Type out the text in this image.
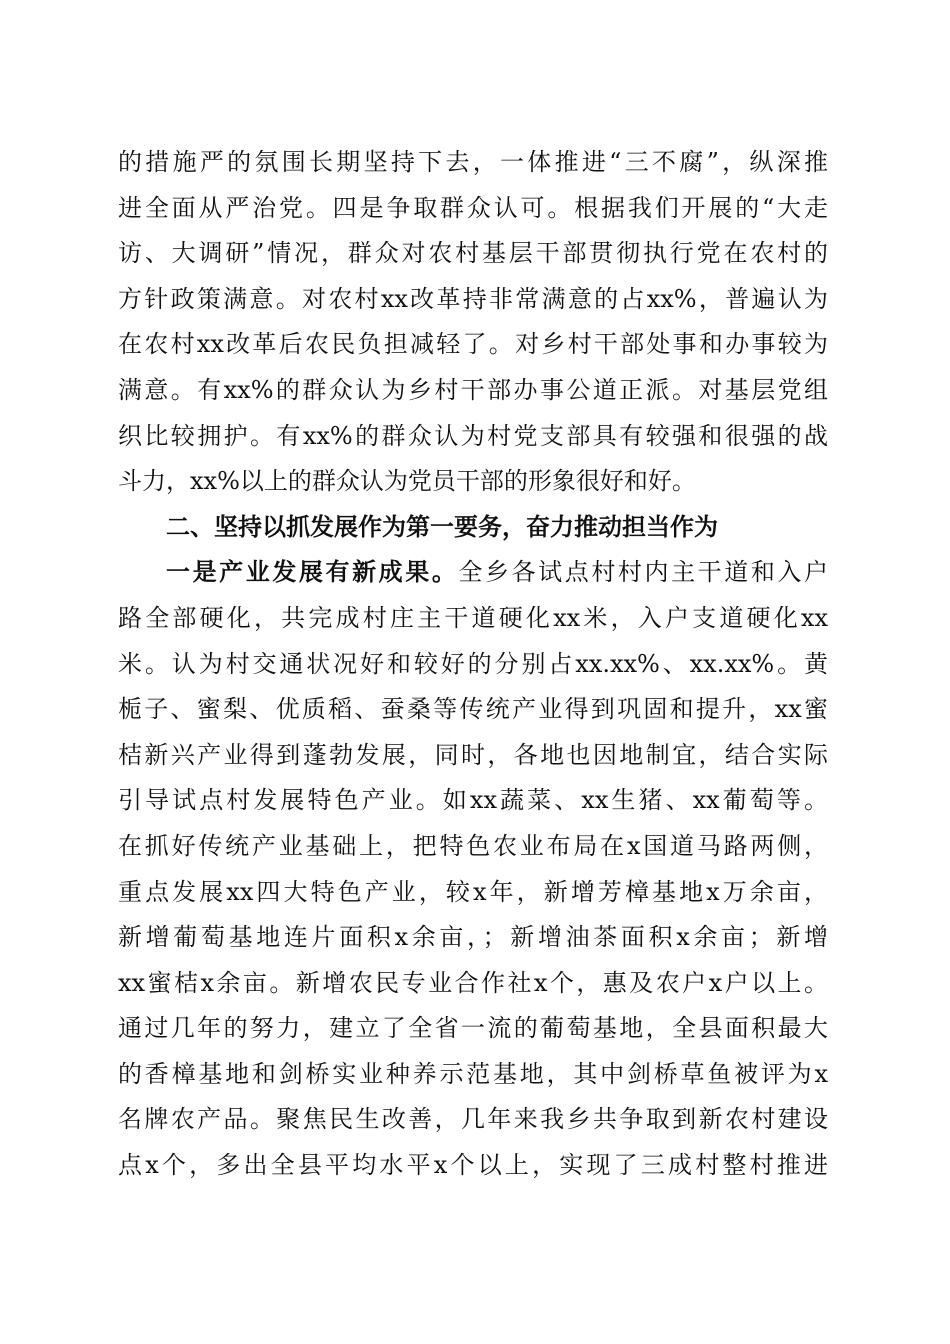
的措施严的氛围长期坚持下去，一体推进“三不腐”，纵深推
进全面从严治党。四是争取群众认可。根据我们开展的“大走
访、大调研”情况，群众对农村基层干部贯彻执行党在农村的
方针政策满意。对农村xx改革持非常满意的占xx%，普遍认为
在农村xx改革后农民负担减轻了。对乡村干部处事和办事较为
满意。有xx%的群众认为乡村干部办事公道正派。对基层党组
织比较拥护。有xx%的群众认为村党支部具有较强和很强的战
斗力，xx%以上的群众认为党员干部的形象很好和好。
二、坚持以抓发展作为第一要务，奋力推动担当作为
一是产业发展有新成果。全乡各试点村村内主干道和入户
路全部硬化，共完成村庄主干道硬化xx米，入户支道硬化xx
米。认为村交通状况好和较好的分别占xx.xx%、xx.xx%。黄
栀子、蜜梨、优质稻、蚕桑等传统产业得到巩固和提升，xx蜜
桔新兴产业得到蓬勃发展，同时，各地也因地制宜，结合实际
引导试点村发展特色产业。如xx蔬菜、xx生猪、xx葡萄等。
在抓好传统产业基础上，把特色农业布局在x国道马路两侧，
重点发展xx四大特色产业，较x年，新增芳樟基地x万余亩，
新增葡萄基地连片面积x余亩，；新增油茶面积x余亩；新增
xx蜜桔x余亩。新增农民专业合作社x个，惠及农户x户以上。
通过几年的努力，建立了全省一流的葡萄基地，全县面积最大
的香樟基地和剑桥实业种养示范基地，其中剑桥草鱼被评为x
名牌农产品。聚焦民生改善，几年来我乡共争取到新农村建设
点x个，多出全县平均水平x个以上，实现了三成村整村推进
